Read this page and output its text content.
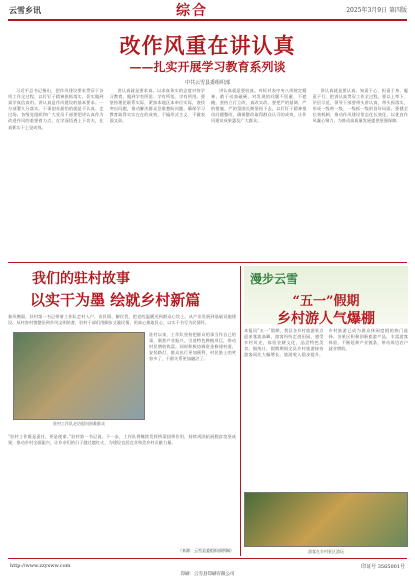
云雪乡讯	综合	2025年3月9日 第四版
改作风重在讲认真
——扎实开展学习教育系列谈
中共云雪县委组织部

习近平总书记指出，把作风建设要求贯穿于各项工作全过程，以钉钉子精神狠抓落实，切实做到真学真信真用。讲认真是作风建设的基本要求。一分部署九分落实，干事创业最怕的就是不认真、走过场。各级党组织和广大党员干部要把讲认真作为改进作风的重要着力点，在学深悟透上下功夫，在真抓实干上见成效。

讲认真就是要求真。以求真务实的态度对待学习教育，做到学有所思、学有所悟、学有所用。要坚持理论联系实际，紧扣本地区本单位实际，查找突出问题，推动解决群众急难愁盼问题，确保学习教育取得实实在在的成效，不搞形式主义、不做表面文章。

讲认真就是要较真。对标对表中央八项规定精神，敢于动真碰硬，对发现的问题不回避、不遮掩，坚持立行立改、真改实改。要把严的基调、严的措施、严的氛围长期坚持下去，以钉钉子精神推动问题整改，确保整改取得群众认可的成效，让作风建设成果惠及广大群众。

讲认真就是要认真。知责于心、担责于身、履责于行，把讲认真贯穿工作全过程。要以上率下、层层示范，领导干部要带头讲认真，带头抓落实，形成一级带一级、一级抓一级的良好局面。要健全长效机制，推动作风建设常态化长效化，以优良作风凝心聚力，为推动高质量发展提供坚强保障。

我们的驻村故事
以实干为墨 绘就乡村新篇
春风拂面，驻村第一书记带着工作队走村入户，访民情、解民忧，把党的温暖送到群众心坎上。从产业发展到基础设施建设，从村容村貌整治到乡风文明培育，驻村干部们用脚步丈量民情，用真心换取民心，以实干书写为民情怀。
驻村工作队走访慰问困难群众
驻村以来，工作队坚持把群众的事当作自己的事，聚焦产业振兴，引进特色种植项目，带动村民增收致富。同时积极协调资金修建村道、安装路灯，群众出行更加便利，村民脸上的笑容多了，干群关系更加融洽了。
“驻村工作既是责任，更是使命。”驻村第一书记说。下一步，工作队将继续发挥桥梁纽带作用，持续巩固拓展脱贫攻坚成果，推动乡村全面振兴，让乡亲们的日子越过越红火，为建设宜居宜业和美乡村贡献力量。
（来源：云雪县委组织部供稿）
漫步云雪
“五一”假期
乡村游人气爆棚
本报讯“五一”假期，我县各乡村旅游景点迎来客流高峰，游客纷纷走进田园，感受乡村风光，体验农耕文化，品尝特色美食。据统计，假期期间全县乡村旅游接待游客同比大幅增长，旅游收入稳步提升，乡村旅游已成为群众休闲度假的热门选择。各景区积极创新旅游产品，丰富游客体验，不断延伸产业链条，带动周边农户就业增收。
游客在乡村景区游玩
http://www.zzyxww.com
印刷：云雪县印刷有限公司
印证号 3565001号
